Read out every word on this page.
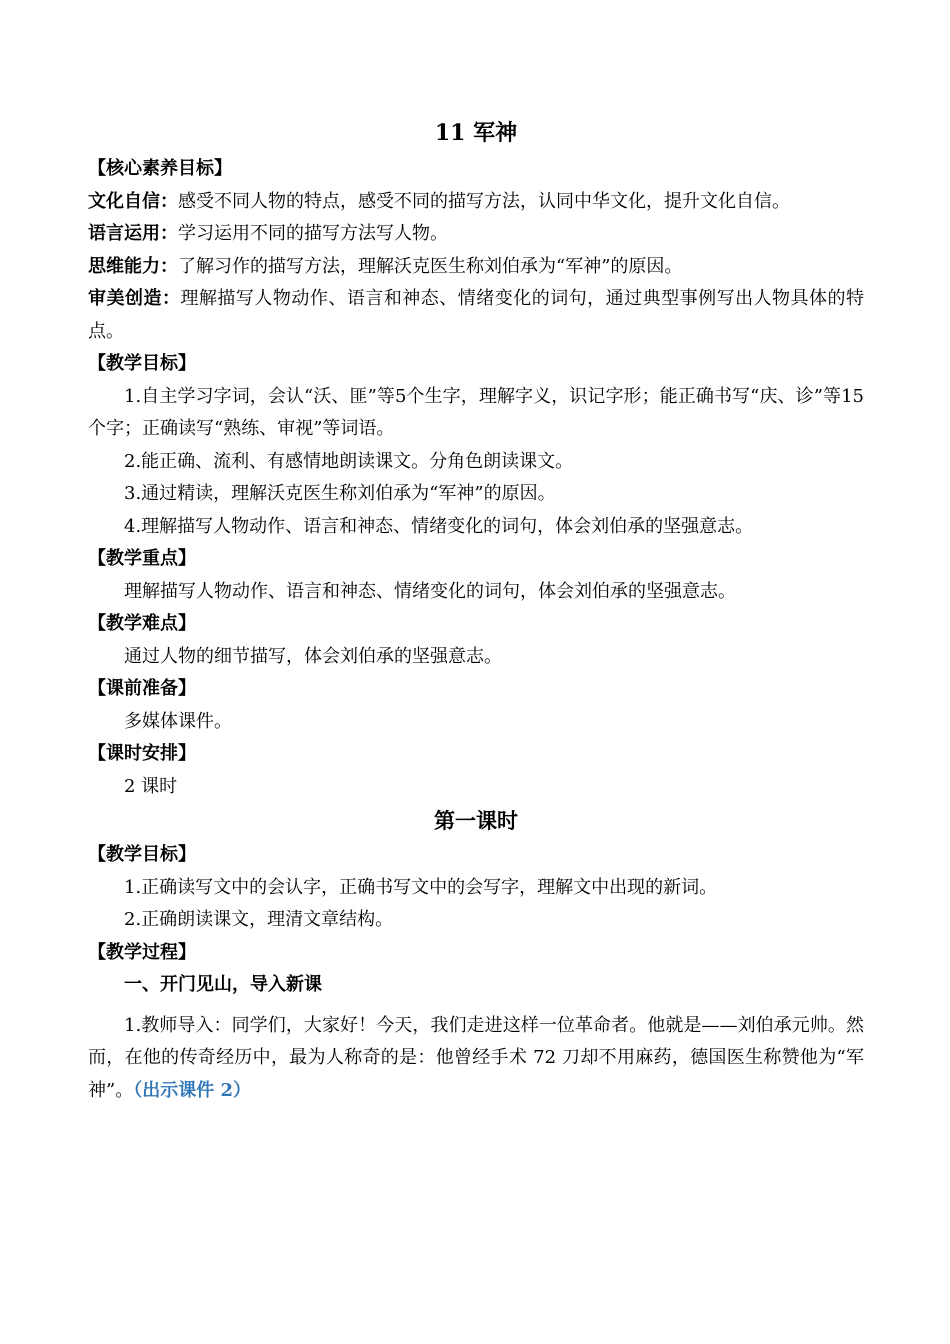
11 军神
【核心素养目标】
文化自信：感受不同人物的特点，感受不同的描写方法，认同中华文化，提升文化自信。
语言运用：学习运用不同的描写方法写人物。
思维能力：了解习作的描写方法，理解沃克医生称刘伯承为“军神”的原因。
审美创造：理解描写人物动作、语言和神态、情绪变化的词句，通过典型事例写出人物具体的特点。
【教学目标】
1.自主学习字词，会认“沃、匪”等5个生字，理解字义，识记字形；能正确书写“庆、诊”等15个字；正确读写“熟练、审视”等词语。
2.能正确、流利、有感情地朗读课文。分角色朗读课文。
3.通过精读，理解沃克医生称刘伯承为“军神”的原因。
4.理解描写人物动作、语言和神态、情绪变化的词句，体会刘伯承的坚强意志。
【教学重点】
理解描写人物动作、语言和神态、情绪变化的词句，体会刘伯承的坚强意志。
【教学难点】
通过人物的细节描写，体会刘伯承的坚强意志。
【课前准备】
多媒体课件。
【课时安排】
2 课时
第一课时
【教学目标】
1.正确读写文中的会认字，正确书写文中的会写字，理解文中出现的新词。
2.正确朗读课文，理清文章结构。
【教学过程】
一、开门见山，导入新课
1.教师导入：同学们，大家好！今天，我们走进这样一位革命者。他就是——刘伯承元帅。然而，在他的传奇经历中，最为人称奇的是：他曾经手术 72 刀却不用麻药，德国医生称赞他为“军神”。（出示课件 2）
